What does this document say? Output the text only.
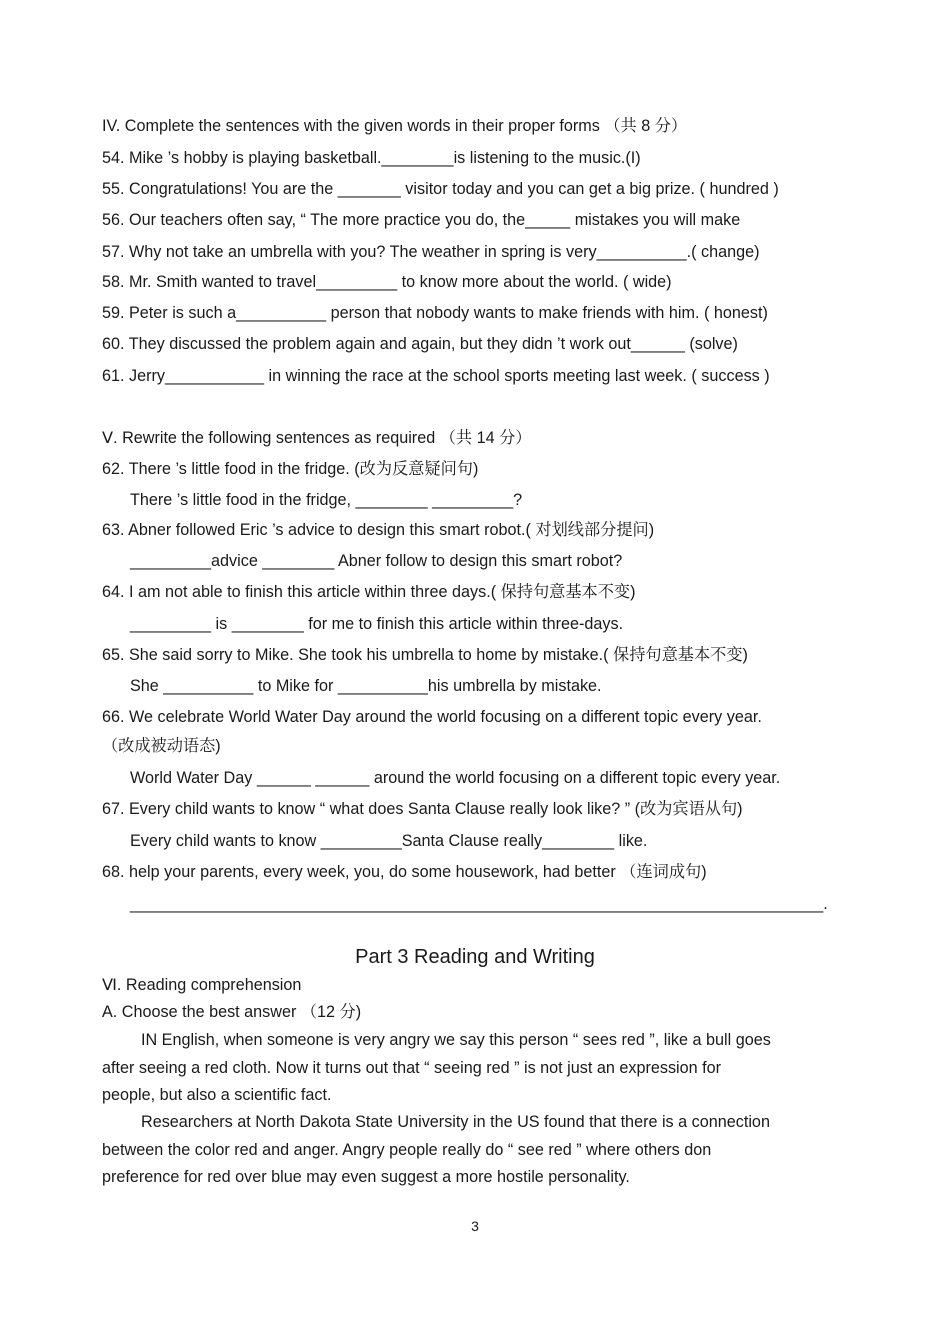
IV. Complete the sentences with the given words in their proper forms （共 8 分）
54. Mike ’s hobby is playing basketball.________is listening to the music.(I)
55. Congratulations! You are the _______ visitor today and you can get a big prize. ( hundred )
56. Our teachers often say, “ The more practice you do, the_____ mistakes you will make
57. Why not take an umbrella with you? The weather in spring is very__________.( change)
58. Mr. Smith wanted to travel_________ to know more about the world. ( wide)
59. Peter is such a__________ person that nobody wants to make friends with him. ( honest)
60. They discussed the problem again and again, but they didn ’t work out______ (solve)
61. Jerry___________ in winning the race at the school sports meeting last week. ( success )
Ⅴ. Rewrite the following sentences as required （共 14 分）
62. There ’s little food in the fridge. (改为反意疑问句)
There ’s little food in the fridge, ________ _________?
63. Abner followed Eric ’s advice to design this smart robot.( 对划线部分提问)
_________advice ________ Abner follow to design this smart robot?
64. I am not able to finish this article within three days.( 保持句意基本不变)
_________ is ________ for me to finish this article within three-days.
65. She said sorry to Mike. She took his umbrella to home by mistake.( 保持句意基本不变)
She __________ to Mike for __________his umbrella by mistake.
66. We celebrate World Water Day around the world focusing on a different topic every year.
（改成被动语态)
World Water Day ______ ______ around the world focusing on a different topic every year.
67. Every child wants to know “ what does Santa Clause really look like? ” (改为宾语从句)
Every child wants to know _________Santa Clause really________ like.
68. help your parents, every week, you, do some housework, had better （连词成句)
_____________________________________________________________________________.
Part 3 Reading and Writing
Ⅵ. Reading comprehension
A. Choose the best answer （12 分)
IN English, when someone is very angry we say this person “ sees red ”, like a bull goes
after seeing a red cloth. Now it turns out that “ seeing red ” is not just an expression for
people, but also a scientific fact.
Researchers at North Dakota State University in the US found that there is a connection
between the color red and anger. Angry people really do “ see red ” where others don
preference for red over blue may even suggest a more hostile personality.
3
